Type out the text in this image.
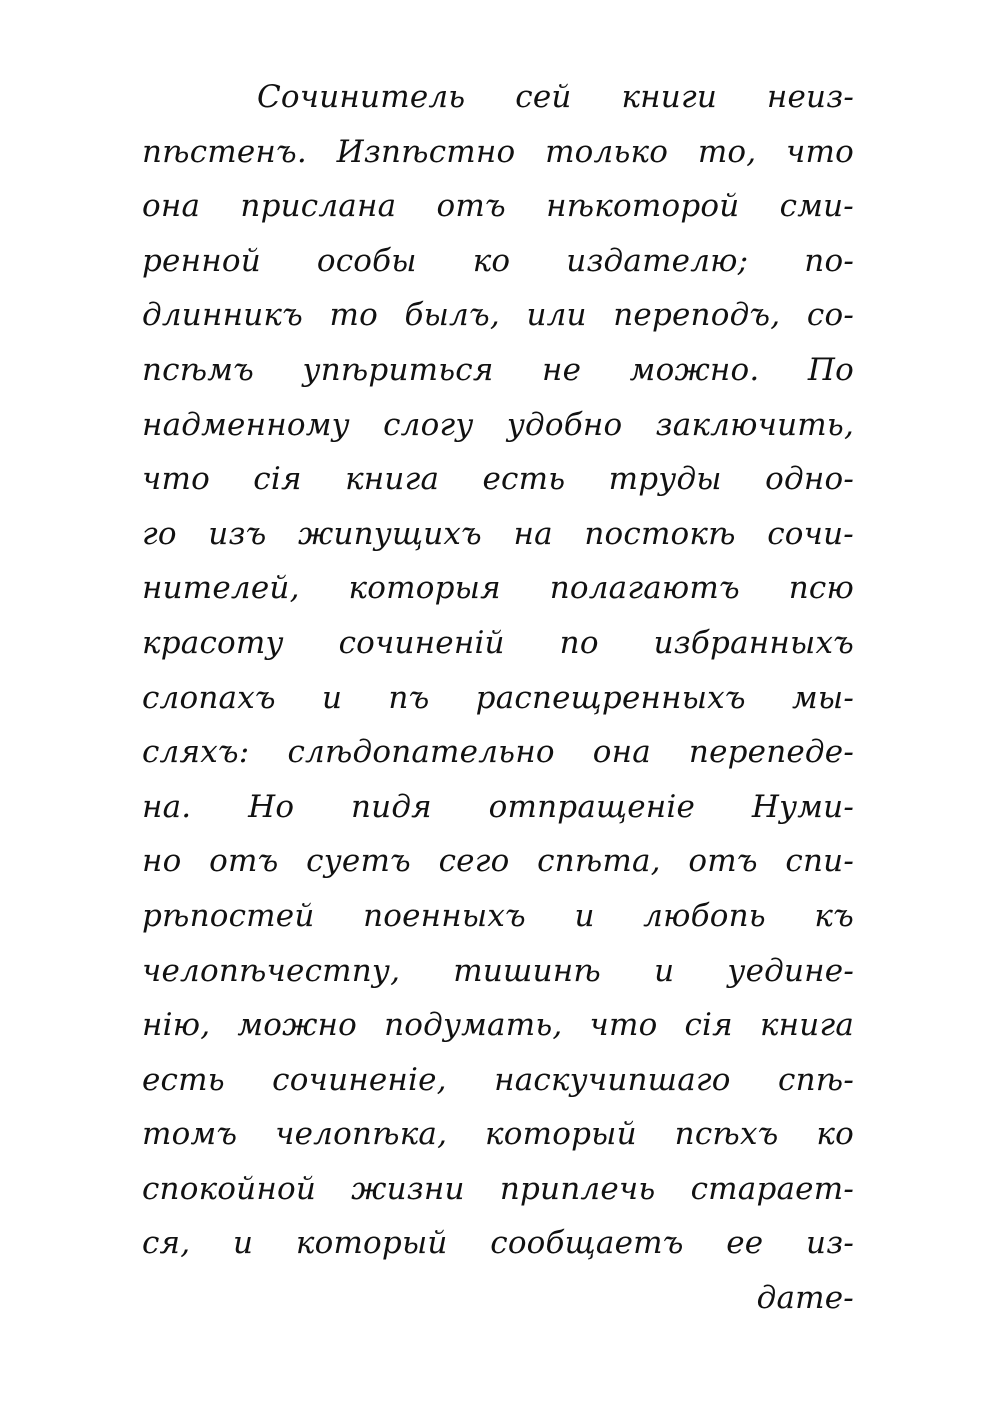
Сочинитель сей книги неиз-
пѣстенъ. Изпѣстно только то, что
она прислана отъ нѣкоторой сми-
ренной особы ко издателю; по-
длинникъ то былъ, или перепoдъ, со-
псѣмъ упѣриться не можно. По
надменному слогу удобно заключить,
что сія книга есть труды одно-
го изъ жипущихъ на постокѣ сочи-
нителей, которыя полагаютъ псю
красоту сочиненій по избранныхъ
слопахъ и пъ распещренныхъ мы-
сляхъ: слѣдопательно она перепеде-
на. Но пидя отпращеніе Нуми-
но отъ суетъ сего спѣта, отъ спи-
рѣпостей поенныхъ и любопь къ
челопѣчестпу, тишинѣ и уедине-
нію, можно подумать, что сія книга
есть сочиненіе, наскучипшаго спѣ-
томъ челопѣка, который псѣхъ ко
спокойной жизни приплечь старает-
ся, и который сообщаетъ ее из-
дате-
